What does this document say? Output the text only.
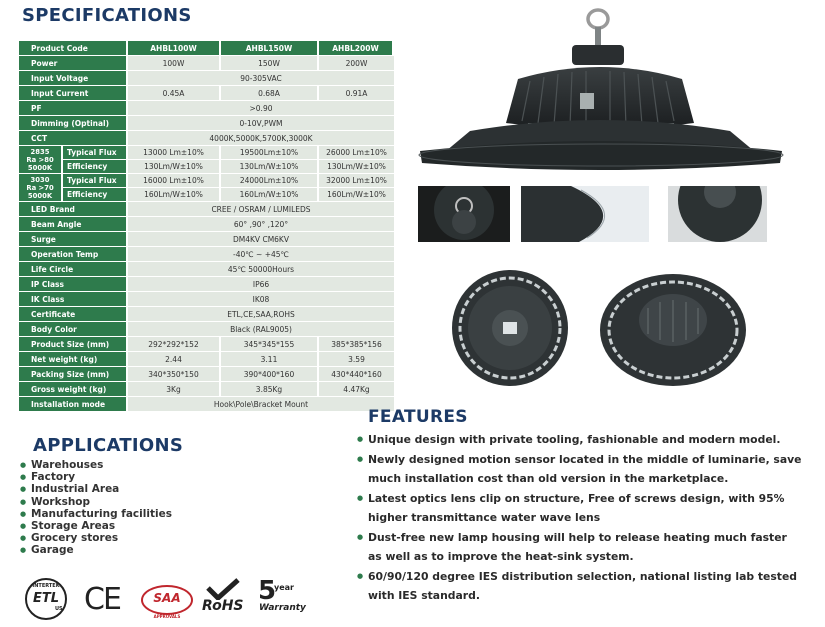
SPECIFICATIONS
Product Code		AHBL100W	AHBL150W	AHBL200W
Power		100W	150W	200W
Input Voltage		90-305VAC		
Input Current		0.45A	0.68A	0.91A
PF		>0.90		
Dimming (Optinal)		0-10V,PWM		
CCT		4000K,5000K,5700K,3000K		

2835
Ra >80
5000K	Typical Flux	13000 Lm±10%	19500Lm±10%	26000 Lm±10%
	Efficiency	130Lm/W±10%	130Lm/W±10%	130Lm/W±10%

3030
Ra >70
5000K	Typical Flux	16000 Lm±10%	24000Lm±10%	32000 Lm±10%
	Efficiency	160Lm/W±10%	160Lm/W±10%	160Lm/W±10%
LED Brand		CREE / OSRAM / LUMILEDS		
Beam Angle		60° ,90° ,120°		
Surge		DM4KV CM6KV		
Operation Temp		-40℃ ~ +45℃		
Life Circle		45℃ 50000Hours		
IP Class		IP66		
IK Class		IK08		
Certificate		ETL,CE,SAA,ROHS		
Body Color		Black (RAL9005)		
Product Size (mm)		292*292*152	345*345*155	385*385*156
Net weight (kg)		2.44	3.11	3.59
Packing Size (mm)		340*350*150	390*400*160	430*440*160
Gross weight (kg)		3Kg	3.85Kg	4.47Kg
Installation mode		Hook\Pole\Bracket Mount		
APPLICATIONS
● Warehouses
● Factory
● Industrial Area
● Workshop
● Manufacturing facilities
● Storage Areas
● Grocery stores
● Garage
FEATURES
● Unique design with private tooling, fashionable and modern model.
● Newly designed motion sensor located in the middle of luminarie, save much installation cost than old version in the marketplace.
● Latest optics lens clip on structure, Free of screws design, with 95% higher transmittance water wave lens
● Dust-free new lamp housing will help to release heating much faster as well as to improve the heat-sink system.
● 60/90/120 degree IES distribution selection, national listing lab tested with IES standard.
INTERTEK
ETL
US CE	SAA
APPROVALS
RoHS 5
year
Warranty
